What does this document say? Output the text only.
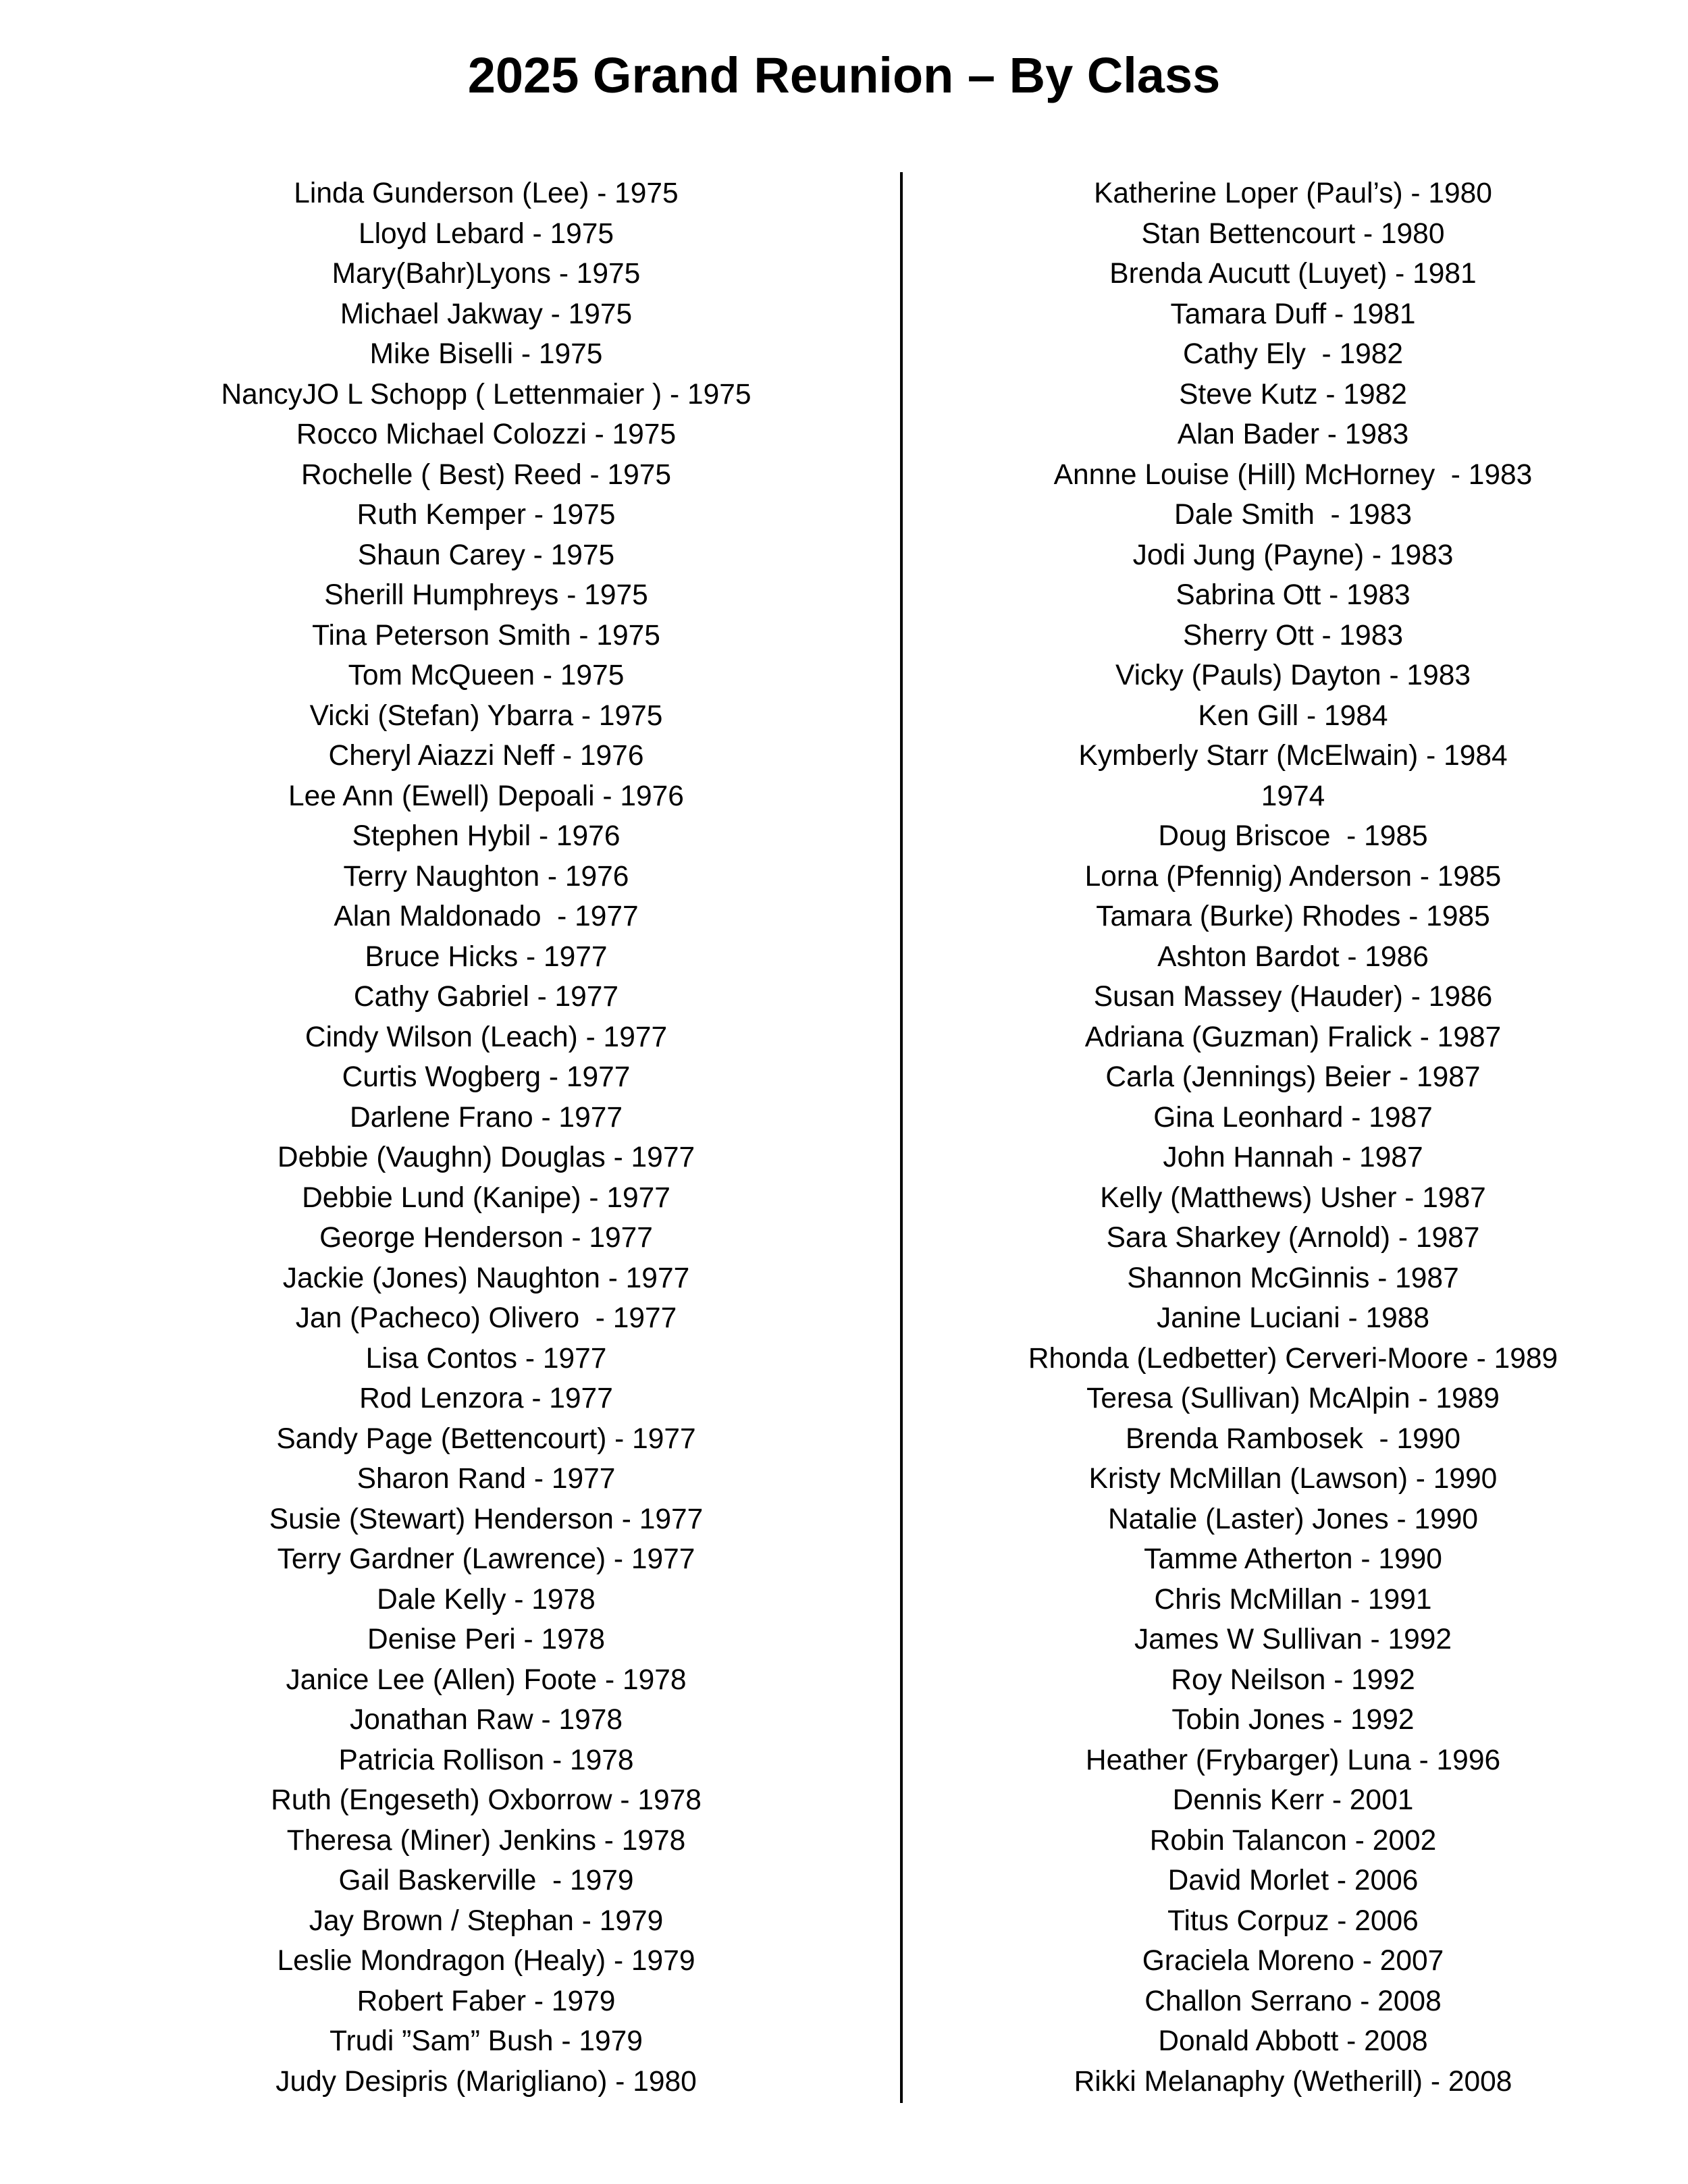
2025 Grand Reunion – By Class
Linda Gunderson (Lee) - 1975
Lloyd Lebard - 1975
Mary(Bahr)Lyons - 1975
Michael Jakway - 1975
Mike Biselli - 1975
NancyJO L Schopp ( Lettenmaier ) - 1975
Rocco Michael Colozzi - 1975
Rochelle ( Best) Reed - 1975
Ruth Kemper - 1975
Shaun Carey - 1975
Sherill Humphreys - 1975
Tina Peterson Smith - 1975
Tom McQueen - 1975
Vicki (Stefan) Ybarra - 1975
Cheryl Aiazzi Neff - 1976
Lee Ann (Ewell) Depoali - 1976
Stephen Hybil - 1976
Terry Naughton - 1976
Alan Maldonado  - 1977
Bruce Hicks - 1977
Cathy Gabriel - 1977
Cindy Wilson (Leach) - 1977
Curtis Wogberg - 1977
Darlene Frano - 1977
Debbie (Vaughn) Douglas - 1977
Debbie Lund (Kanipe) - 1977
George Henderson - 1977
Jackie (Jones) Naughton - 1977
Jan (Pacheco) Olivero  - 1977
Lisa Contos - 1977
Rod Lenzora - 1977
Sandy Page (Bettencourt) - 1977
Sharon Rand - 1977
Susie (Stewart) Henderson - 1977
Terry Gardner (Lawrence) - 1977
Dale Kelly - 1978
Denise Peri - 1978
Janice Lee (Allen) Foote - 1978
Jonathan Raw - 1978
Patricia Rollison - 1978
Ruth (Engeseth) Oxborrow - 1978
Theresa (Miner) Jenkins - 1978
Gail Baskerville  - 1979
Jay Brown / Stephan - 1979
Leslie Mondragon (Healy) - 1979
Robert Faber - 1979
Trudi ”Sam” Bush - 1979
Judy Desipris (Marigliano) - 1980
Katherine Loper (Paul’s) - 1980
Stan Bettencourt - 1980
Brenda Aucutt (Luyet) - 1981
Tamara Duff - 1981
Cathy Ely  - 1982
Steve Kutz - 1982
Alan Bader - 1983
Annne Louise (Hill) McHorney  - 1983
Dale Smith  - 1983
Jodi Jung (Payne) - 1983
Sabrina Ott - 1983
Sherry Ott - 1983
Vicky (Pauls) Dayton - 1983
Ken Gill - 1984
Kymberly Starr (McElwain) - 1984
1974
Doug Briscoe  - 1985
Lorna (Pfennig) Anderson - 1985
Tamara (Burke) Rhodes - 1985
Ashton Bardot - 1986
Susan Massey (Hauder) - 1986
Adriana (Guzman) Fralick - 1987
Carla (Jennings) Beier - 1987
Gina Leonhard - 1987
John Hannah - 1987
Kelly (Matthews) Usher - 1987
Sara Sharkey (Arnold) - 1987
Shannon McGinnis - 1987
Janine Luciani - 1988
Rhonda (Ledbetter) Cerveri-Moore - 1989
Teresa (Sullivan) McAlpin - 1989
Brenda Rambosek  - 1990
Kristy McMillan (Lawson) - 1990
Natalie (Laster) Jones - 1990
Tamme Atherton - 1990
Chris McMillan - 1991
James W Sullivan - 1992
Roy Neilson - 1992
Tobin Jones - 1992
Heather (Frybarger) Luna - 1996
Dennis Kerr - 2001
Robin Talancon - 2002
David Morlet - 2006
Titus Corpuz - 2006
Graciela Moreno - 2007
Challon Serrano - 2008
Donald Abbott - 2008
Rikki Melanaphy (Wetherill) - 2008
